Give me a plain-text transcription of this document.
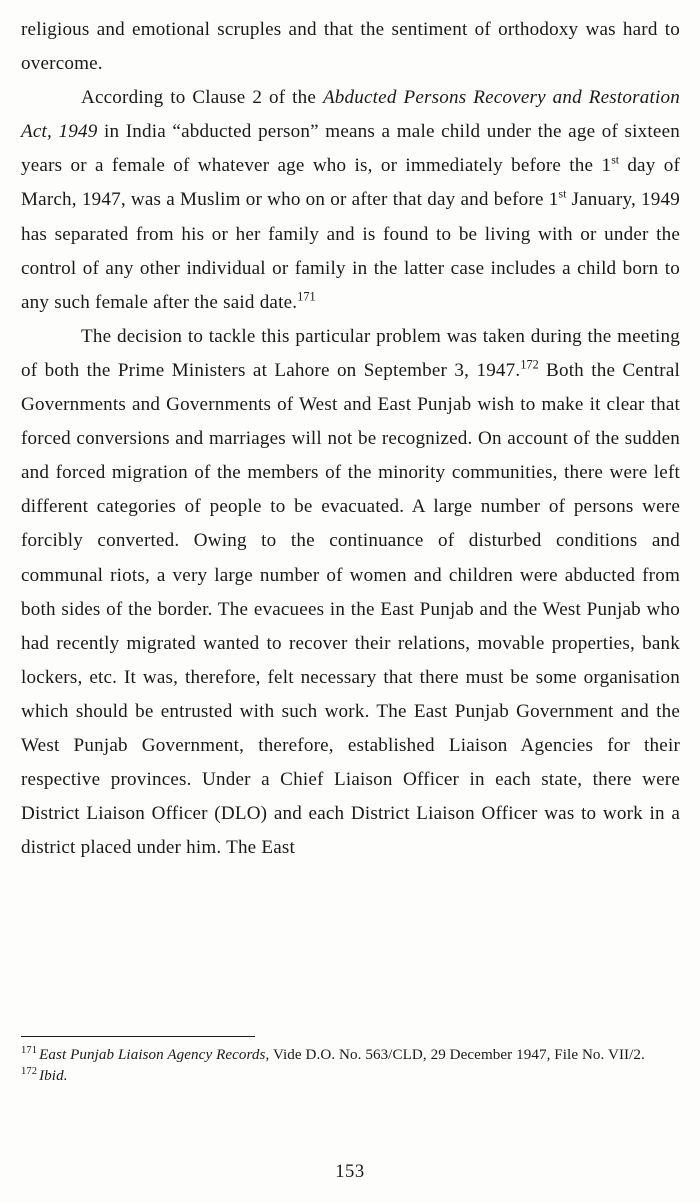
religious and emotional scruples and that the sentiment of orthodoxy was hard to overcome.

According to Clause 2 of the Abducted Persons Recovery and Restoration Act, 1949 in India “abducted person” means a male child under the age of sixteen years or a female of whatever age who is, or immediately before the 1st day of March, 1947, was a Muslim or who on or after that day and before 1st January, 1949 has separated from his or her family and is found to be living with or under the control of any other individual or family in the latter case includes a child born to any such female after the said date.$^{171}$

The decision to tackle this particular problem was taken during the meeting of both the Prime Ministers at Lahore on September 3, 1947.$^{172}$ Both the Central Governments and Governments of West and East Punjab wish to make it clear that forced conversions and marriages will not be recognized. On account of the sudden and forced migration of the members of the minority communities, there were left different categories of people to be evacuated. A large number of persons were forcibly converted. Owing to the continuance of disturbed conditions and communal riots, a very large number of women and children were abducted from both sides of the border. The evacuees in the East Punjab and the West Punjab who had recently migrated wanted to recover their relations, movable properties, bank lockers, etc. It was, therefore, felt necessary that there must be some organisation which should be entrusted with such work. The East Punjab Government and the West Punjab Government, therefore, established Liaison Agencies for their respective provinces. Under a Chief Liaison Officer in each state, there were District Liaison Officer (DLO) and each District Liaison Officer was to work in a district placed under him. The East

$^{171}$ East Punjab Liaison Agency Records, Vide D.O. No. 563/CLD, 29 December 1947, File No. VII/2.

$^{172}$ Ibid.

153
